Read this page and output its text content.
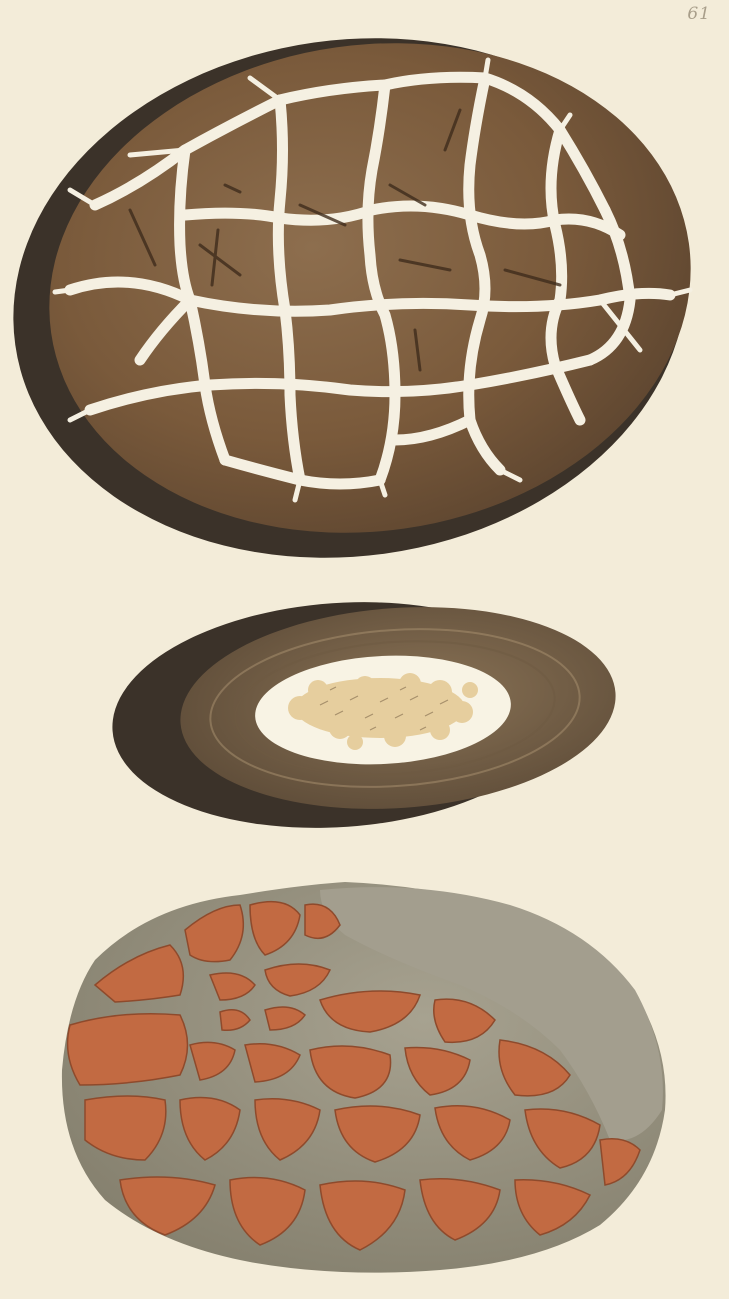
61
